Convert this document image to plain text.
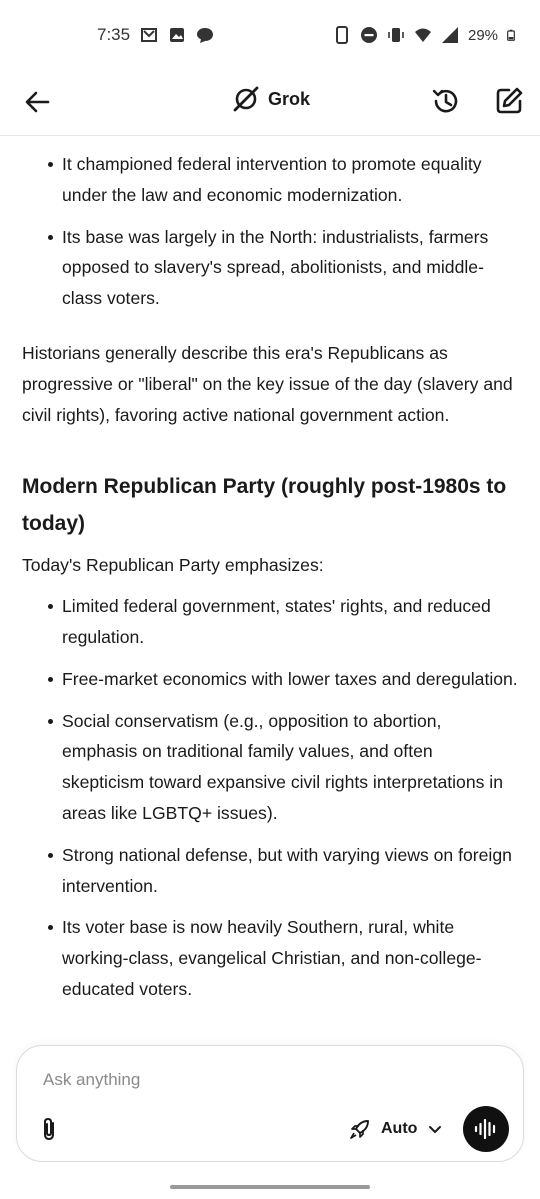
7:35	29%
Grok
It championed federal intervention to promote equality under the law and economic modernization.
Its base was largely in the North: industrialists, farmers opposed to slavery's spread, abolitionists, and middle-class voters.

Historians generally describe this era's Republicans as progressive or "liberal" on the key issue of the day (slavery and civil rights), favoring active national government action.

Modern Republican Party (roughly post-1980s to today)

Today's Republican Party emphasizes:

Limited federal government, states' rights, and reduced regulation.
Free-market economics with lower taxes and deregulation.
Social conservatism (e.g., opposition to abortion, emphasis on traditional family values, and often skepticism toward expansive civil rights interpretations in areas like LGBTQ+ issues).
Strong national defense, but with varying views on foreign intervention.
Its voter base is now heavily Southern, rural, white working-class, evangelical Christian, and non-college-educated voters.
Ask anything
Auto
